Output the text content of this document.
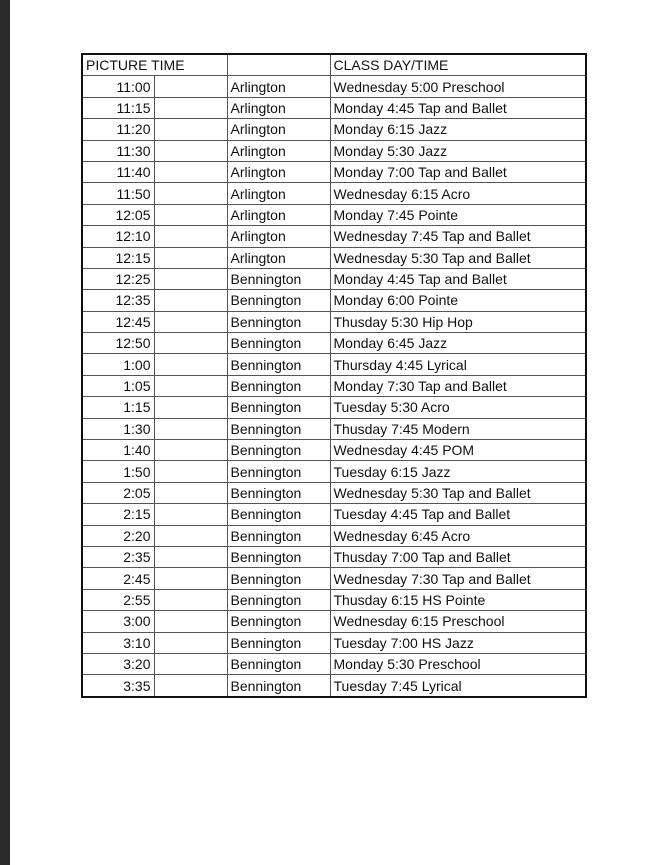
PICTURE TIME			CLASS DAY/TIME
11:00		Arlington	Wednesday 5:00 Preschool
11:15		Arlington	Monday 4:45 Tap and Ballet
11:20		Arlington	Monday 6:15 Jazz
11:30		Arlington	Monday 5:30 Jazz
11:40		Arlington	Monday 7:00 Tap and Ballet
11:50		Arlington	Wednesday 6:15 Acro
12:05		Arlington	Monday 7:45 Pointe
12:10		Arlington	Wednesday 7:45 Tap and Ballet
12:15		Arlington	Wednesday 5:30 Tap and Ballet
12:25		Bennington	Monday 4:45 Tap and Ballet
12:35		Bennington	Monday 6:00 Pointe
12:45		Bennington	Thusday 5:30 Hip Hop
12:50		Bennington	Monday 6:45 Jazz
1:00		Bennington	Thursday 4:45 Lyrical
1:05		Bennington	Monday 7:30 Tap and Ballet
1:15		Bennington	Tuesday 5:30 Acro
1:30		Bennington	Thusday 7:45 Modern
1:40		Bennington	Wednesday 4:45 POM
1:50		Bennington	Tuesday 6:15 Jazz
2:05		Bennington	Wednesday 5:30 Tap and Ballet
2:15		Bennington	Tuesday 4:45 Tap and Ballet
2:20		Bennington	Wednesday 6:45 Acro
2:35		Bennington	Thusday 7:00 Tap and Ballet
2:45		Bennington	Wednesday 7:30 Tap and Ballet
2:55		Bennington	Thusday 6:15 HS Pointe
3:00		Bennington	Wednesday 6:15 Preschool
3:10		Bennington	Tuesday 7:00 HS Jazz
3:20		Bennington	Monday 5:30 Preschool
3:35		Bennington	Tuesday 7:45 Lyrical
